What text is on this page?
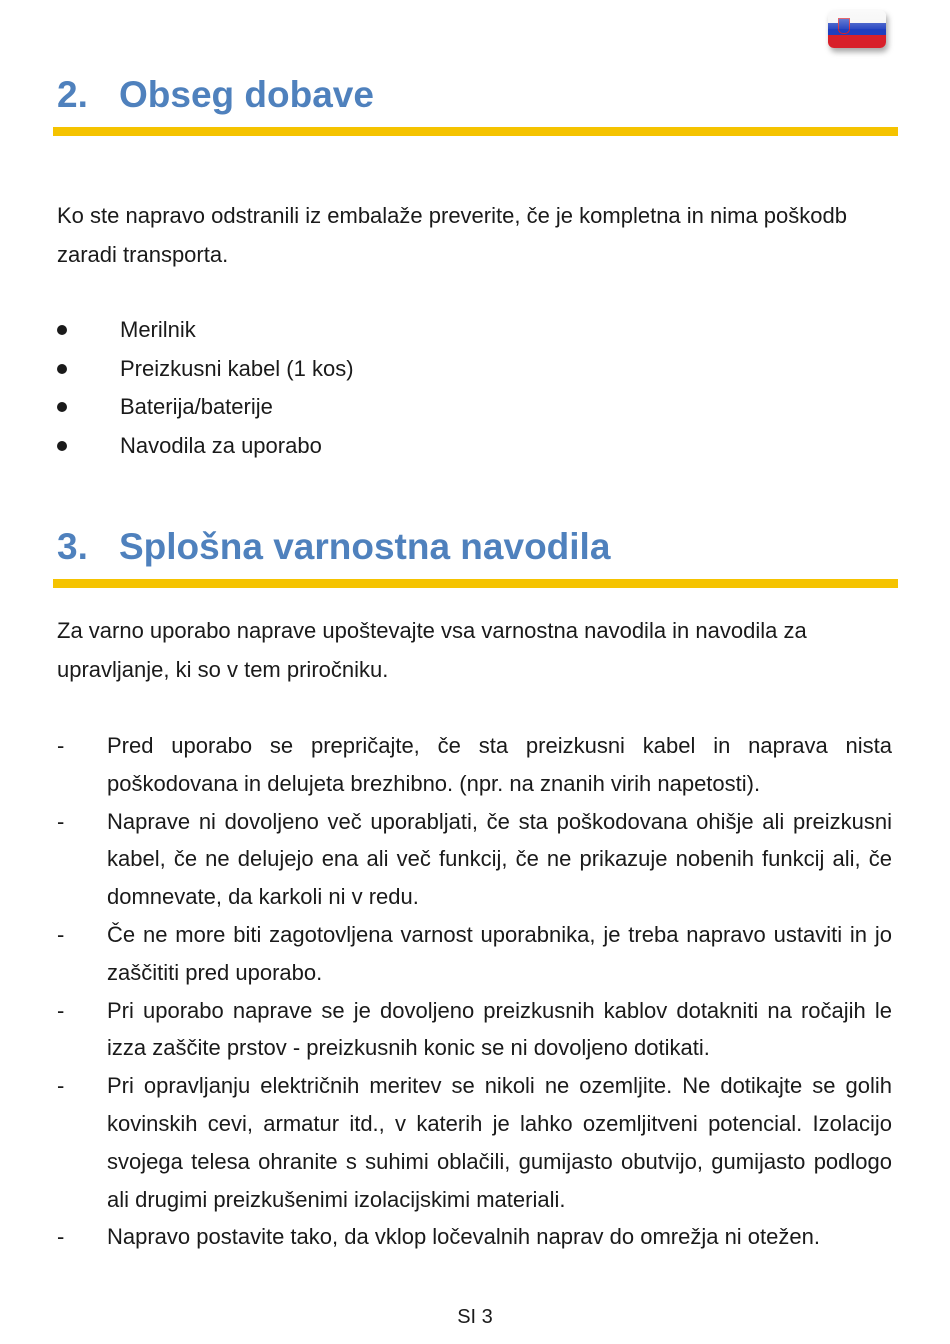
2. Obseg dobave

Ko ste napravo odstranili iz embalaže preverite, če je kompletna in nima poškodb zaradi transporta.

Merilnik
Preizkusni kabel (1 kos)
Baterija/baterije
Navodila za uporabo
3. Splošna varnostna navodila

Za varno uporabo naprave upoštevajte vsa varnostna navodila in navodila za upravljanje, ki so v tem priročniku.

- Pred uporabo se prepričajte, če sta preizkusni kabel in naprava nista poškodovana in delujeta brezhibno. (npr. na znanih virih napetosti).
- Naprave ni dovoljeno več uporabljati, če sta poškodovana ohišje ali preizkusni kabel, če ne delujejo ena ali več funkcij, če ne prikazuje nobenih funkcij ali, če domnevate, da karkoli ni v redu.
- Če ne more biti zagotovljena varnost uporabnika, je treba napravo ustaviti in jo zaščititi pred uporabo.
- Pri uporabo naprave se je dovoljeno preizkusnih kablov dotakniti na ročajih le izza zaščite prstov - preizkusnih konic se ni dovoljeno dotikati.
- Pri opravljanju električnih meritev se nikoli ne ozemljite. Ne dotikajte se golih kovinskih cevi, armatur itd., v katerih je lahko ozemljitveni potencial. Izolacijo svojega telesa ohranite s suhimi oblačili, gumijasto obutvijo, gumijasto podlogo ali drugimi preizkušenimi izolacijskimi materiali.
- Napravo postavite tako, da vklop ločevalnih naprav do omrežja ni otežen.
SI 3
